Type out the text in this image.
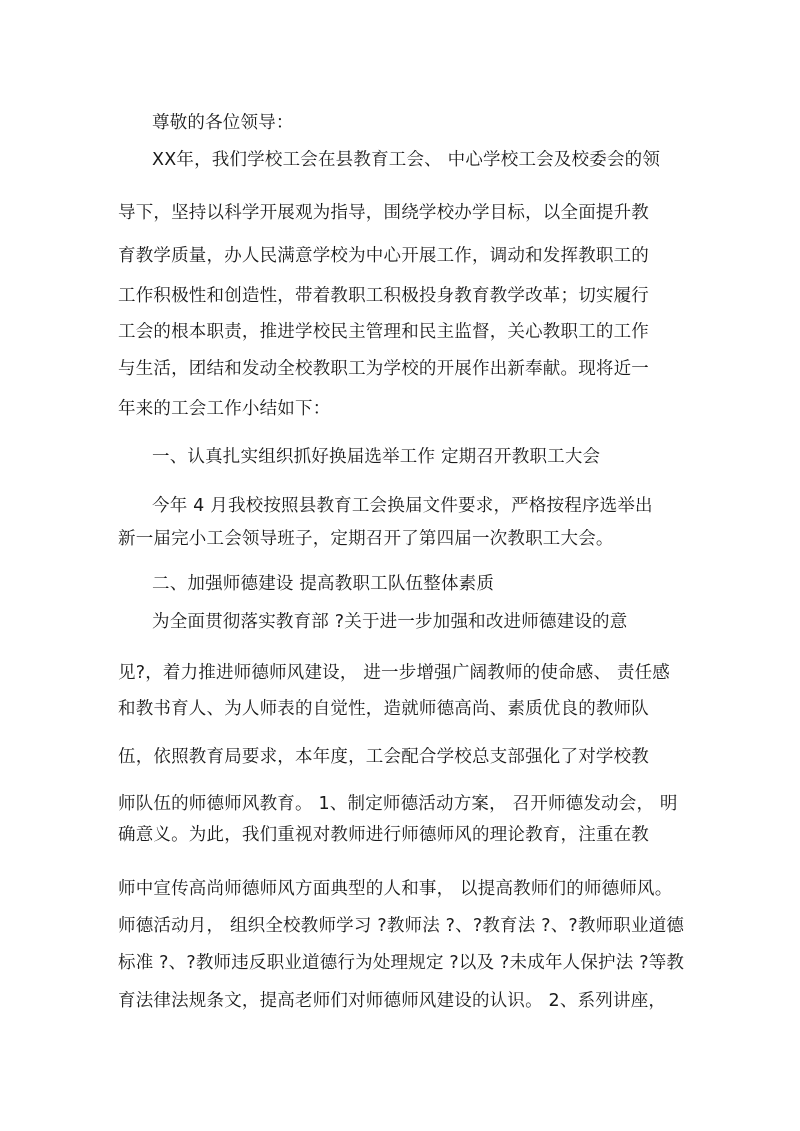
尊敬的各位领导：
XX年，我们学校工会在县教育工会、 中心学校工会及校委会的领
导下，坚持以科学开展观为指导，围绕学校办学目标，以全面提升教
育教学质量，办人民满意学校为中心开展工作，调动和发挥教职工的
工作积极性和创造性，带着教职工积极投身教育教学改革；切实履行
工会的根本职责，推进学校民主管理和民主监督，关心教职工的工作
与生活，团结和发动全校教职工为学校的开展作出新奉献。现将近一
年来的工会工作小结如下：
一、认真扎实组织抓好换届选举工作 定期召开教职工大会
今年 4 月我校按照县教育工会换届文件要求，严格按程序选举出
新一届完小工会领导班子，定期召开了第四届一次教职工大会。
二、加强师德建设 提高教职工队伍整体素质
为全面贯彻落实教育部 ?关于进一步加强和改进师德建设的意
见?，着力推进师德师风建设， 进一步增强广阔教师的使命感、 责任感
和教书育人、为人师表的自觉性，造就师德高尚、素质优良的教师队
伍，依照教育局要求，本年度，工会配合学校总支部强化了对学校教
师队伍的师德师风教育。 1、制定师德活动方案， 召开师德发动会， 明
确意义。为此，我们重视对教师进行师德师风的理论教育，注重在教
师中宣传高尚师德师风方面典型的人和事， 以提高教师们的师德师风。
师德活动月， 组织全校教师学习 ?教师法 ?、?教育法 ?、?教师职业道德
标准 ?、?教师违反职业道德行为处理规定 ?以及 ?未成年人保护法 ?等教
育法律法规条文，提高老师们对师德师风建设的认识。 2、系列讲座，
